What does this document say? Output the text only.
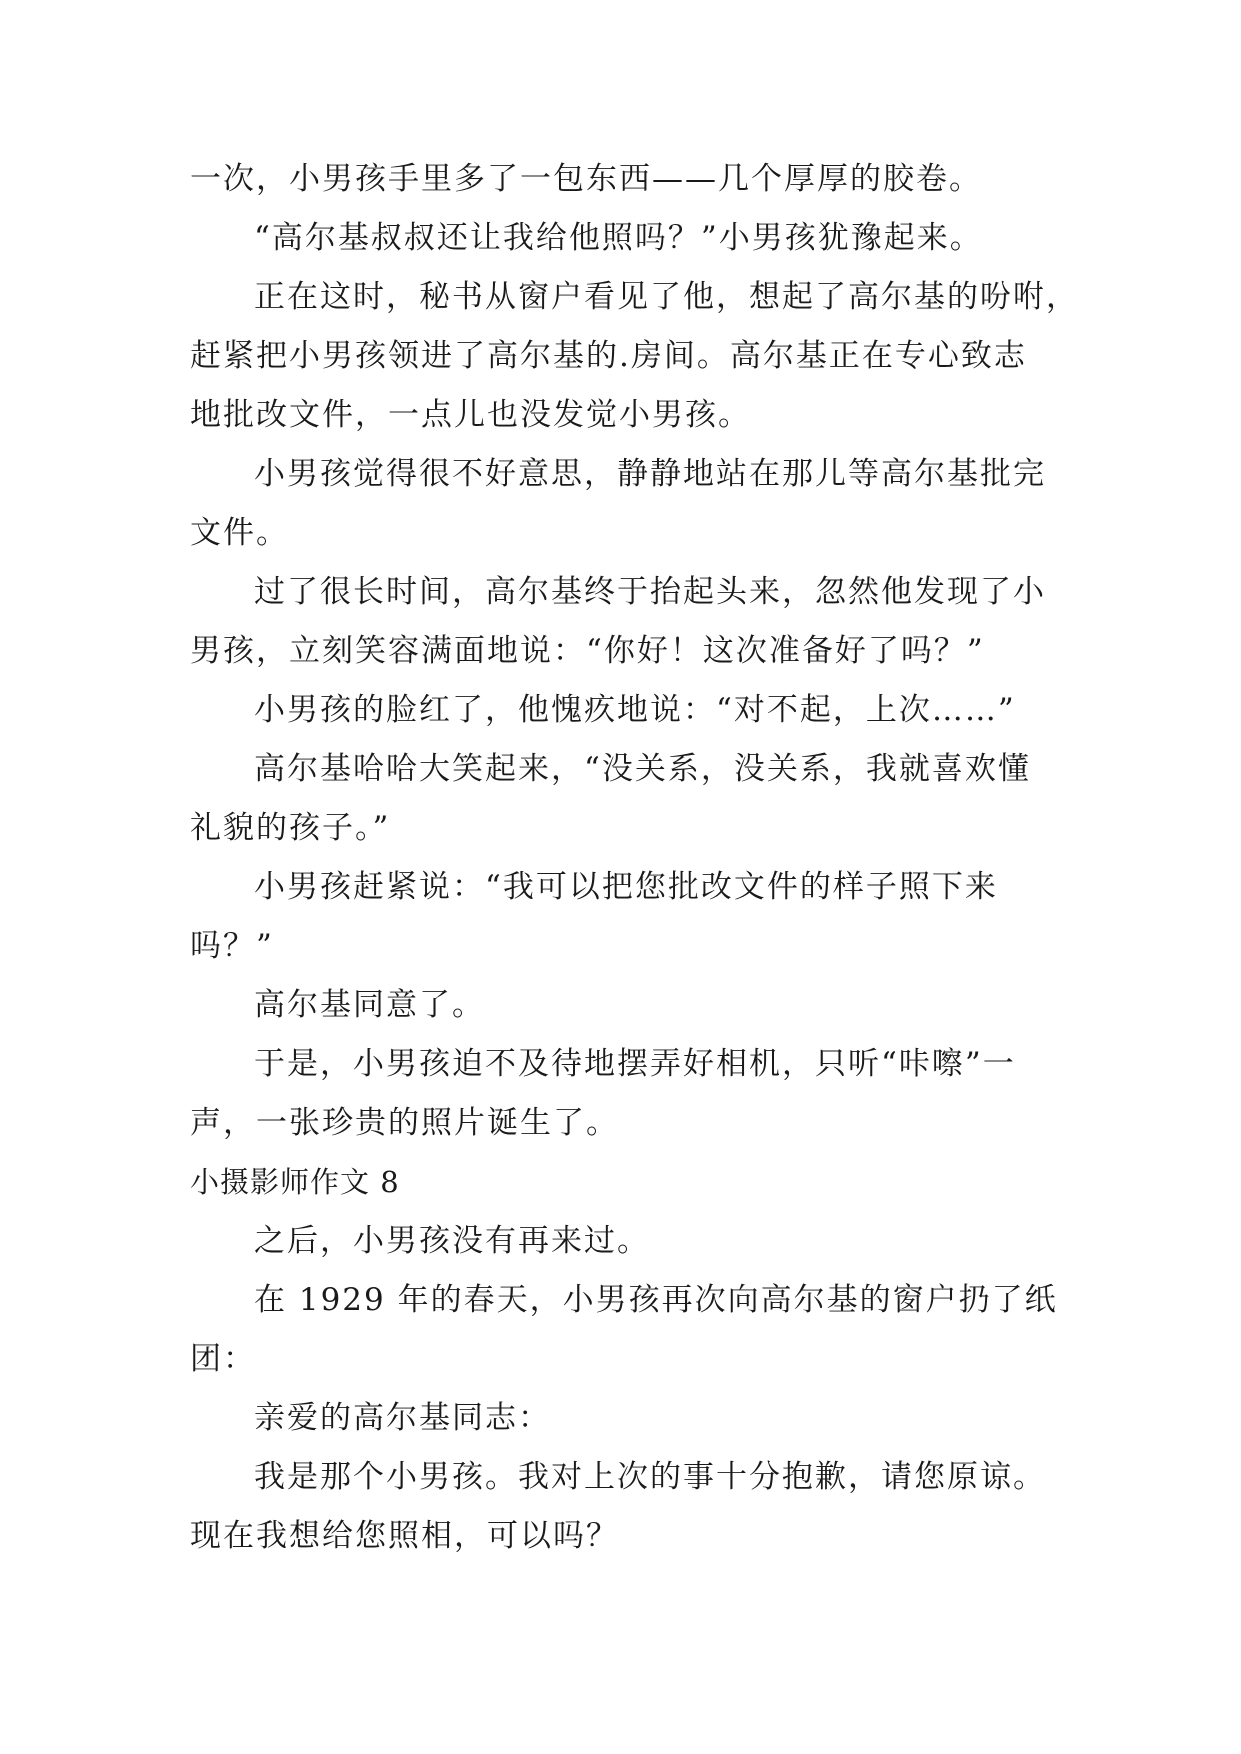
一次，小男孩手里多了一包东西——几个厚厚的胶卷。
“高尔基叔叔还让我给他照吗？”小男孩犹豫起来。
正在这时，秘书从窗户看见了他，想起了高尔基的吩咐，
赶紧把小男孩领进了高尔基的.房间。高尔基正在专心致志
地批改文件，一点儿也没发觉小男孩。
小男孩觉得很不好意思，静静地站在那儿等高尔基批完
文件。
过了很长时间，高尔基终于抬起头来，忽然他发现了小
男孩，立刻笑容满面地说：“你好！这次准备好了吗？”
小男孩的脸红了，他愧疚地说：“对不起，上次……”
高尔基哈哈大笑起来，“没关系，没关系，我就喜欢懂
礼貌的孩子。”
小男孩赶紧说：“我可以把您批改文件的样子照下来
吗？”
高尔基同意了。
于是，小男孩迫不及待地摆弄好相机，只听“咔嚓”一
声，一张珍贵的照片诞生了。
小摄影师作文 8
之后，小男孩没有再来过。
在 1929 年的春天，小男孩再次向高尔基的窗户扔了纸
团：
亲爱的高尔基同志：
我是那个小男孩。我对上次的事十分抱歉，请您原谅。
现在我想给您照相，可以吗？
